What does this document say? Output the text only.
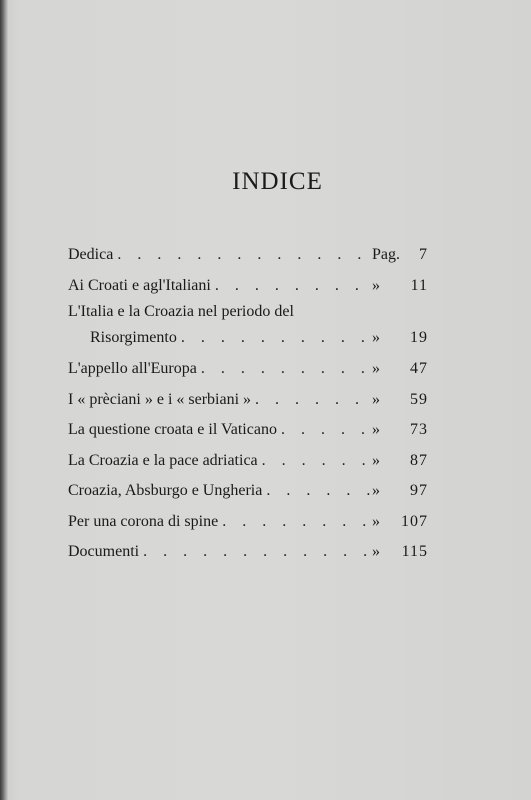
INDICE
Dedica . . .	Pag.	7
Ai Croati e agl'Italiani . . .	»	11
L'Italia e la Croazia nel periodo del
Risorgimento . . .	»	19
L'appello all'Europa . . .	»	47
I « prèciani » e i « serbiani » . . .	»	59
La questione croata e il Vaticano . . .	»	73
La Croazia e la pace adriatica . . .	»	87
Croazia, Absburgo e Ungheria . . .	»	97
Per una corona di spine . . .	»	107
Documenti . . .	»	115
